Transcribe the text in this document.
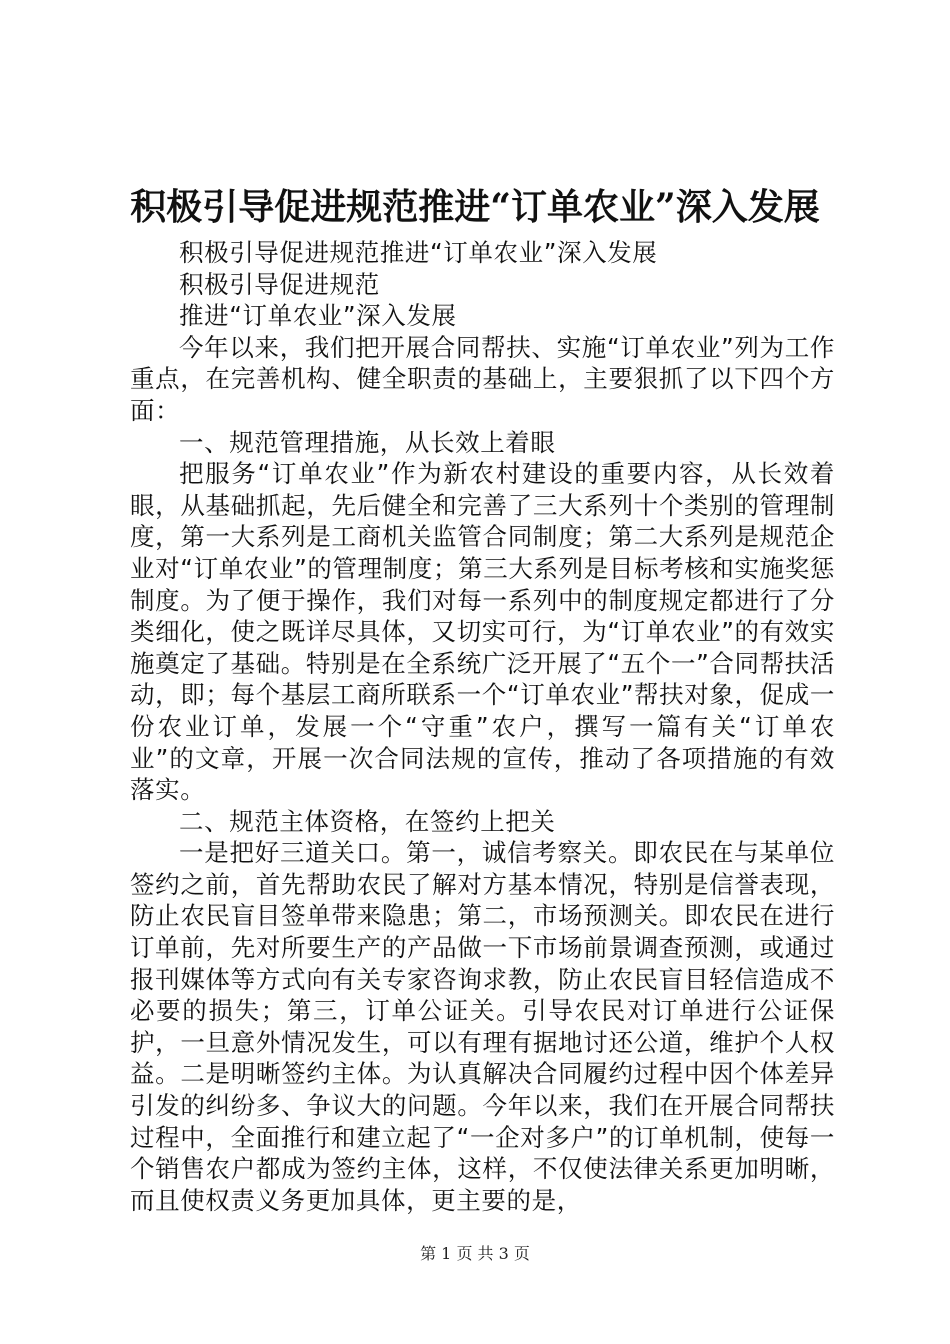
积极引导促进规范推进“订单农业”深入发展

积极引导促进规范推进“订单农业”深入发展

积极引导促进规范

推进“订单农业”深入发展

今年以来，我们把开展合同帮扶、实施“订单农业”列为工作重点，在完善机构、健全职责的基础上，主要狠抓了以下四个方面：

一、规范管理措施，从长效上着眼

把服务“订单农业”作为新农村建设的重要内容，从长效着眼，从基础抓起，先后健全和完善了三大系列十个类别的管理制度，第一大系列是工商机关监管合同制度；第二大系列是规范企业对“订单农业”的管理制度；第三大系列是目标考核和实施奖惩制度。为了便于操作，我们对每一系列中的制度规定都进行了分类细化，使之既详尽具体，又切实可行，为“订单农业”的有效实施奠定了基础。特别是在全系统广泛开展了“五个一”合同帮扶活动，即；每个基层工商所联系一个“订单农业”帮扶对象，促成一份农业订单，发展一个“守重”农户，撰写一篇有关“订单农业”的文章，开展一次合同法规的宣传，推动了各项措施的有效落实。

二、规范主体资格，在签约上把关

一是把好三道关口。第一，诚信考察关。即农民在与某单位签约之前，首先帮助农民了解对方基本情况，特别是信誉表现，防止农民盲目签单带来隐患；第二，市场预测关。即农民在进行订单前，先对所要生产的产品做一下市场前景调查预测，或通过报刊媒体等方式向有关专家咨询求教，防止农民盲目轻信造成不必要的损失；第三，订单公证关。引导农民对订单进行公证保护，一旦意外情况发生，可以有理有据地讨还公道，维护个人权益。二是明晰签约主体。为认真解决合同履约过程中因个体差异引发的纠纷多、争议大的问题。今年以来，我们在开展合同帮扶过程中，全面推行和建立起了“一企对多户”的订单机制，使每一个销售农户都成为签约主体，这样，不仅使法律关系更加明晰，而且使权责义务更加具体，更主要的是，

第 1 页 共 3 页
